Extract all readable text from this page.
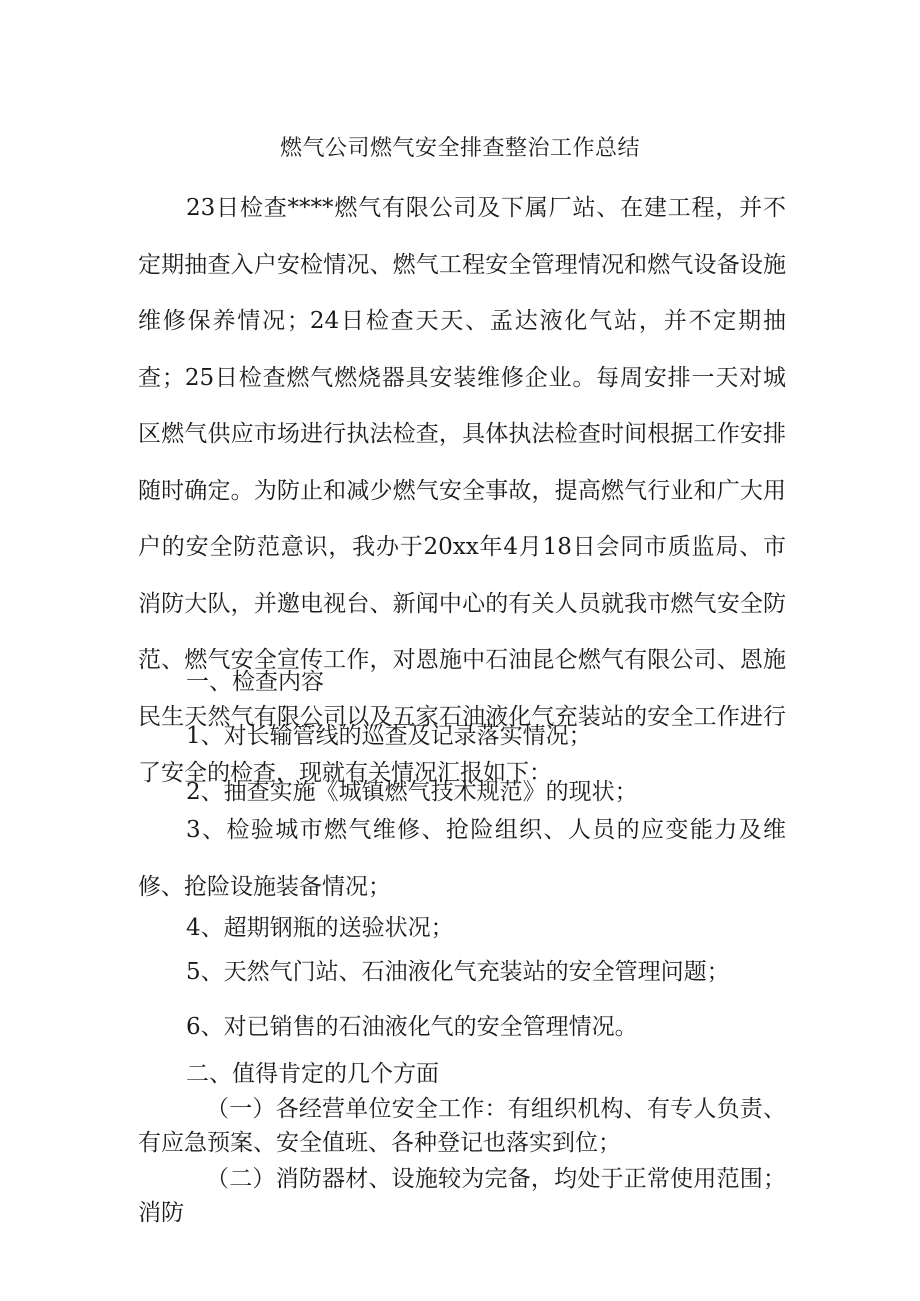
燃气公司燃气安全排查整治工作总结

23日检查****燃气有限公司及下属厂站、在建工程，并不定期抽查入户安检情况、燃气工程安全管理情况和燃气设备设施维修保养情况；24日检查天天、孟达液化气站，并不定期抽查；25日检查燃气燃烧器具安装维修企业。每周安排一天对城区燃气供应市场进行执法检查，具体执法检查时间根据工作安排随时确定。为防止和减少燃气安全事故，提高燃气行业和广大用户的安全防范意识，我办于20xx年4月18日会同市质监局、市消防大队，并邀电视台、新闻中心的有关人员就我市燃气安全防范、燃气安全宣传工作，对恩施中石油昆仑燃气有限公司、恩施民生天然气有限公司以及五家石油液化气充装站的安全工作进行了安全的检查，现就有关情况汇报如下：

一、检查内容

1、对长输管线的巡查及记录落实情况；

2、抽查实施《城镇燃气技术规范》的现状；

3、检验城市燃气维修、抢险组织、人员的应变能力及维修、抢险设施装备情况；

4、超期钢瓶的送验状况；

5、天然气门站、石油液化气充装站的安全管理问题；

6、对已销售的石油液化气的安全管理情况。

二、值得肯定的几个方面

（一）各经营单位安全工作：有组织机构、有专人负责、有应急预案、安全值班、各种登记也落实到位；

（二）消防器材、设施较为完备，均处于正常使用范围；消防
